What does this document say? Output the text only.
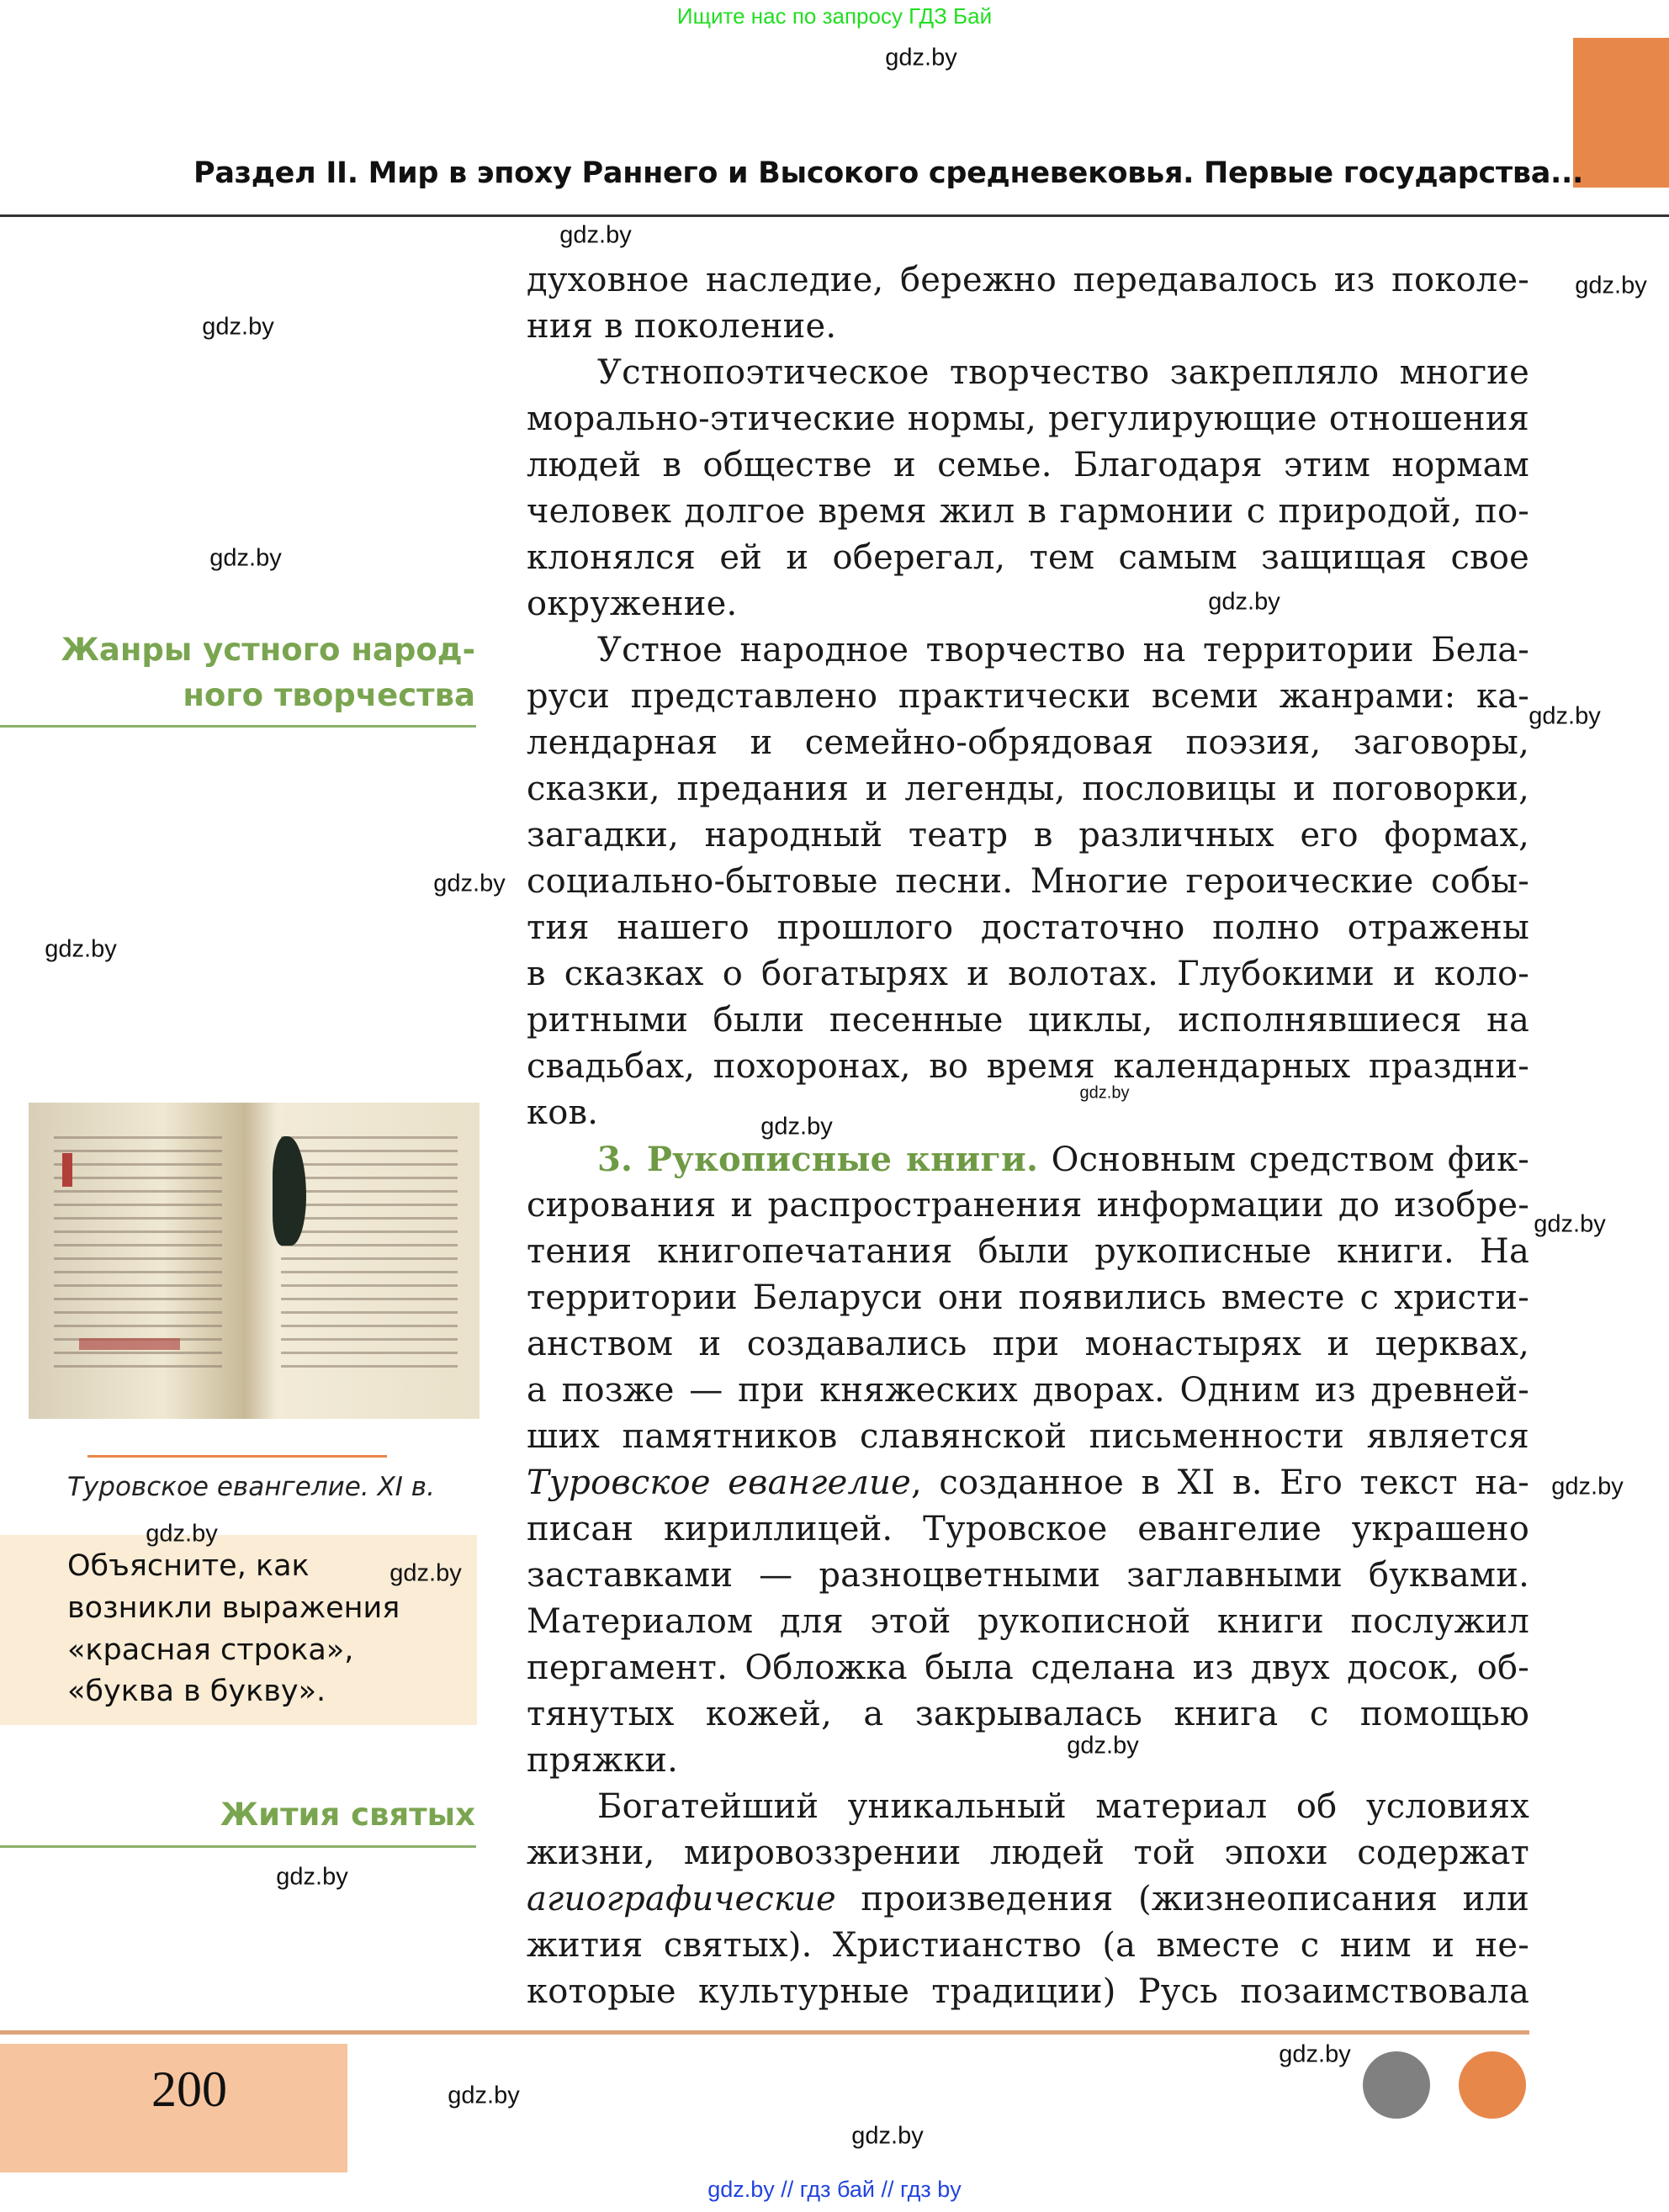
Ищите нас по запросу ГДЗ Бай
Раздел II. Мир в эпоху Раннего и Высокого средневековья. Первые государства...
духовное наследие, бережно передавалось из поколе-
ния в поколение.
Устнопоэтическое творчество закрепляло многие
морально-этические нормы, регулирующие отношения
людей в обществе и семье. Благодаря этим нормам
человек долгое время жил в гармонии с природой, по-
клонялся ей и оберегал, тем самым защищая свое
окружение.
Устное народное творчество на территории Бела-
руси представлено практически всеми жанрами: ка-
лендарная и семейно-обрядовая поэзия, заговоры,
сказки, предания и легенды, пословицы и поговорки,
загадки, народный театр в различных его формах,
социально-бытовые песни. Многие героические собы-
тия нашего прошлого достаточно полно отражены
в сказках о богатырях и волотах. Глубокими и коло-
ритными были песенные циклы, исполнявшиеся на
свадьбах, похоронах, во время календарных праздни-
ков.
3. Рукописные книги. Основным средством фик-
сирования и распространения информации до изобре-
тения книгопечатания были рукописные книги. На
территории Беларуси они появились вместе с христи-
анством и создавались при монастырях и церквах,
а позже — при княжеских дворах. Одним из древней-
ших памятников славянской письменности является
Туровское евангелие, созданное в XI в. Его текст на-
писан кириллицей. Туровское евангелие украшено
заставками — разноцветными заглавными буквами.
Материалом для этой рукописной книги послужил
пергамент. Обложка была сделана из двух досок, об-
тянутых кожей, а закрывалась книга с помощью
пряжки.
Богатейший уникальный материал об условиях
жизни, мировоззрении людей той эпохи содержат
агиографические произведения (жизнеописания или
жития святых). Христианство (а вместе с ним и не-
которые культурные традиции) Русь позаимствовала
Жанры устного народ-
ного творчества
Туровское евангелие. XI в.
Объясните, как
возникли выражения
«красная строка»,
«буква в букву».
Жития святых
200
gdz.by // гдз бай // гдз by
gdz.by
gdz.by
gdz.by
gdz.by
gdz.by
gdz.by
gdz.by
gdz.by
gdz.by
gdz.by
gdz.by
gdz.by
gdz.by
gdz.by
gdz.by
gdz.by
gdz.by
gdz.by
gdz.by
gdz.by
